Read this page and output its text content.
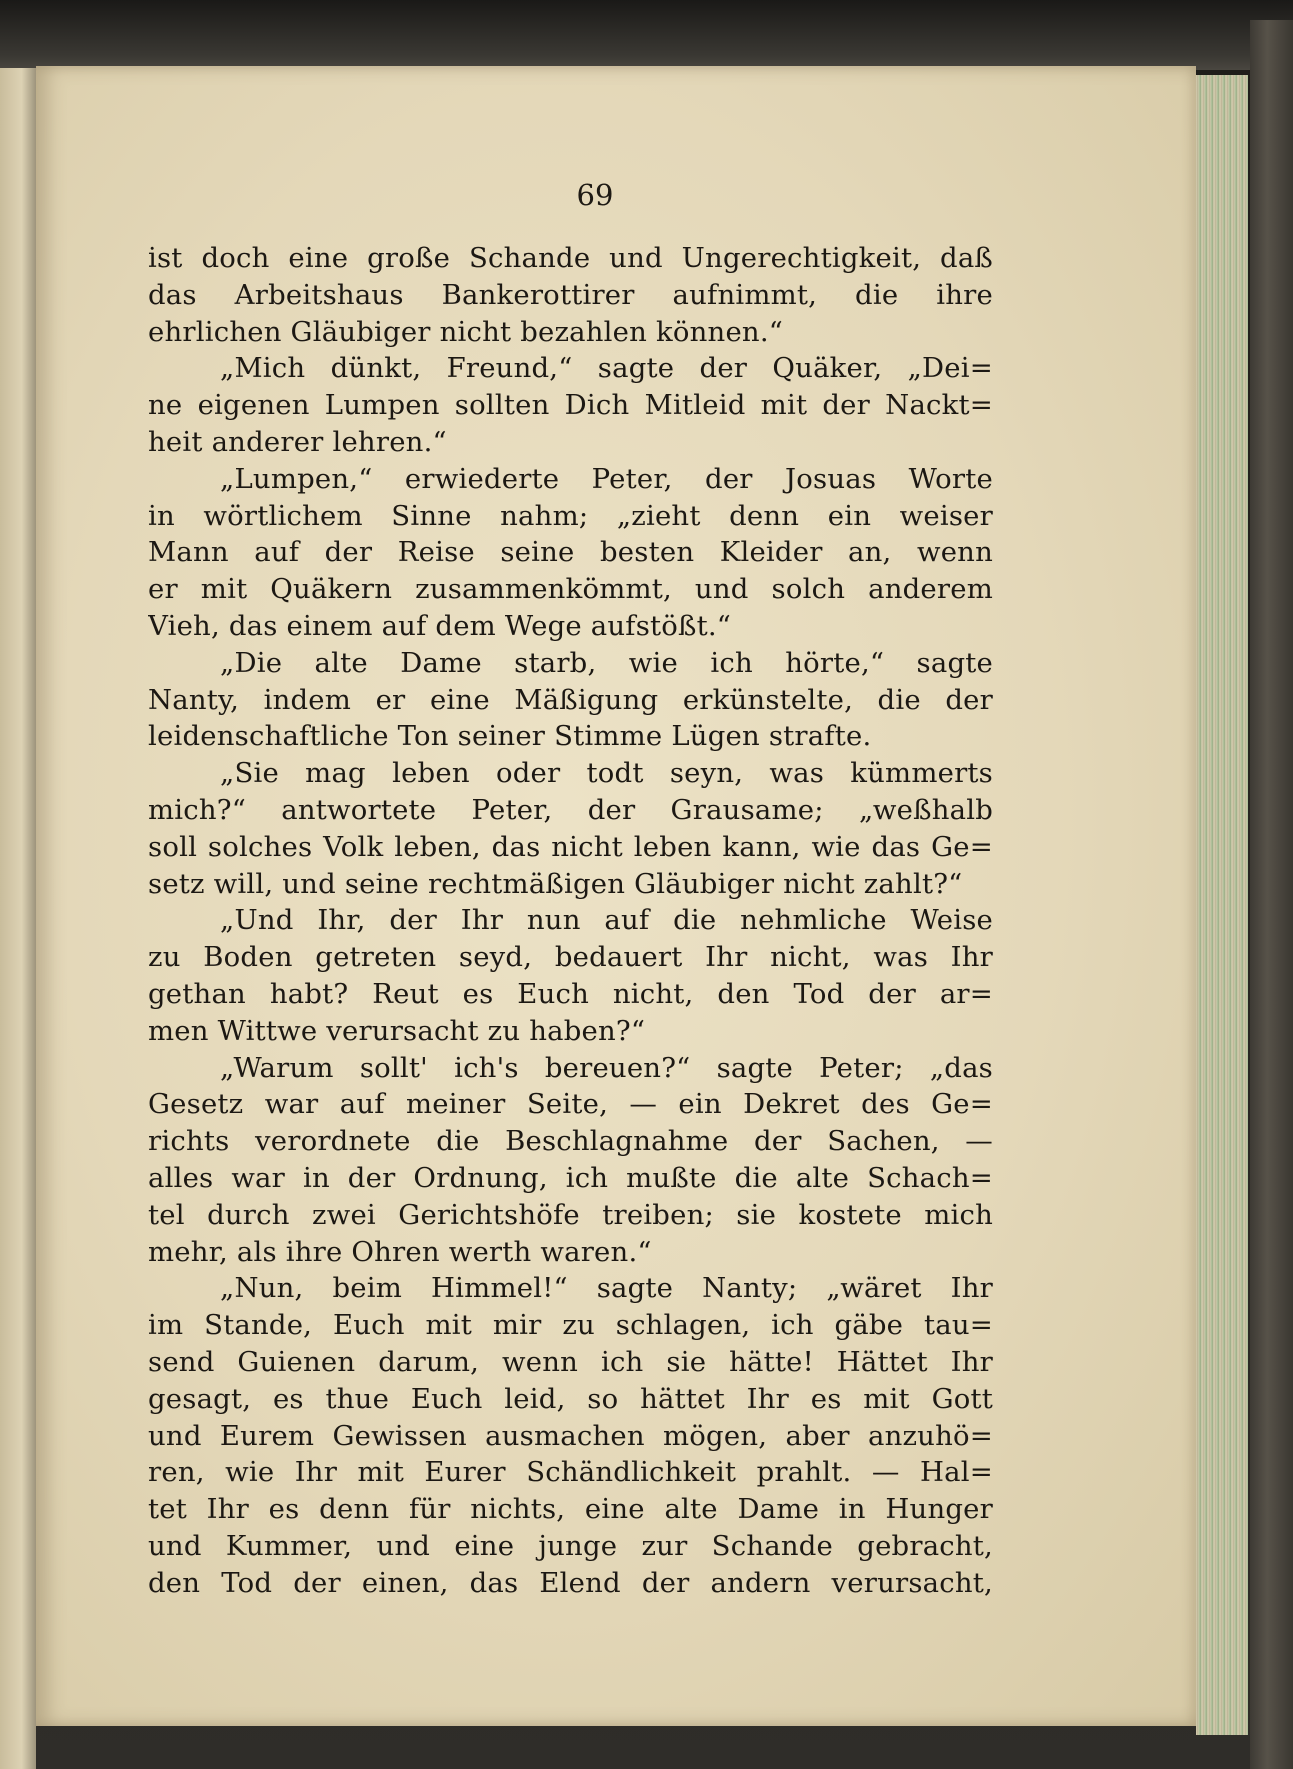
69
ist doch eine große Schande und Ungerechtigkeit, daß
das Arbeitshaus Bankerottirer aufnimmt, die ihre
ehrlichen Gläubiger nicht bezahlen können.“
„Mich dünkt, Freund,“ sagte der Quäker, „Dei=
ne eigenen Lumpen sollten Dich Mitleid mit der Nackt=
heit anderer lehren.“
„Lumpen,“ erwiederte Peter, der Josuas Worte
in wörtlichem Sinne nahm; „zieht denn ein weiser
Mann auf der Reise seine besten Kleider an, wenn
er mit Quäkern zusammenkömmt, und solch anderem
Vieh, das einem auf dem Wege aufstößt.“
„Die alte Dame starb, wie ich hörte,“ sagte
Nanty, indem er eine Mäßigung erkünstelte, die der
leidenschaftliche Ton seiner Stimme Lügen strafte.
„Sie mag leben oder todt seyn, was kümmerts
mich?“ antwortete Peter, der Grausame; „weßhalb
soll solches Volk leben, das nicht leben kann, wie das Ge=
setz will, und seine rechtmäßigen Gläubiger nicht zahlt?“
„Und Ihr, der Ihr nun auf die nehmliche Weise
zu Boden getreten seyd, bedauert Ihr nicht, was Ihr
gethan habt? Reut es Euch nicht, den Tod der ar=
men Wittwe verursacht zu haben?“
„Warum sollt' ich's bereuen?“ sagte Peter; „das
Gesetz war auf meiner Seite, — ein Dekret des Ge=
richts verordnete die Beschlagnahme der Sachen, —
alles war in der Ordnung, ich mußte die alte Schach=
tel durch zwei Gerichtshöfe treiben; sie kostete mich
mehr, als ihre Ohren werth waren.“
„Nun, beim Himmel!“ sagte Nanty; „wäret Ihr
im Stande, Euch mit mir zu schlagen, ich gäbe tau=
send Guienen darum, wenn ich sie hätte! Hättet Ihr
gesagt, es thue Euch leid, so hättet Ihr es mit Gott
und Eurem Gewissen ausmachen mögen, aber anzuhö=
ren, wie Ihr mit Eurer Schändlichkeit prahlt. — Hal=
tet Ihr es denn für nichts, eine alte Dame in Hunger
und Kummer, und eine junge zur Schande gebracht,
den Tod der einen, das Elend der andern verursacht,
